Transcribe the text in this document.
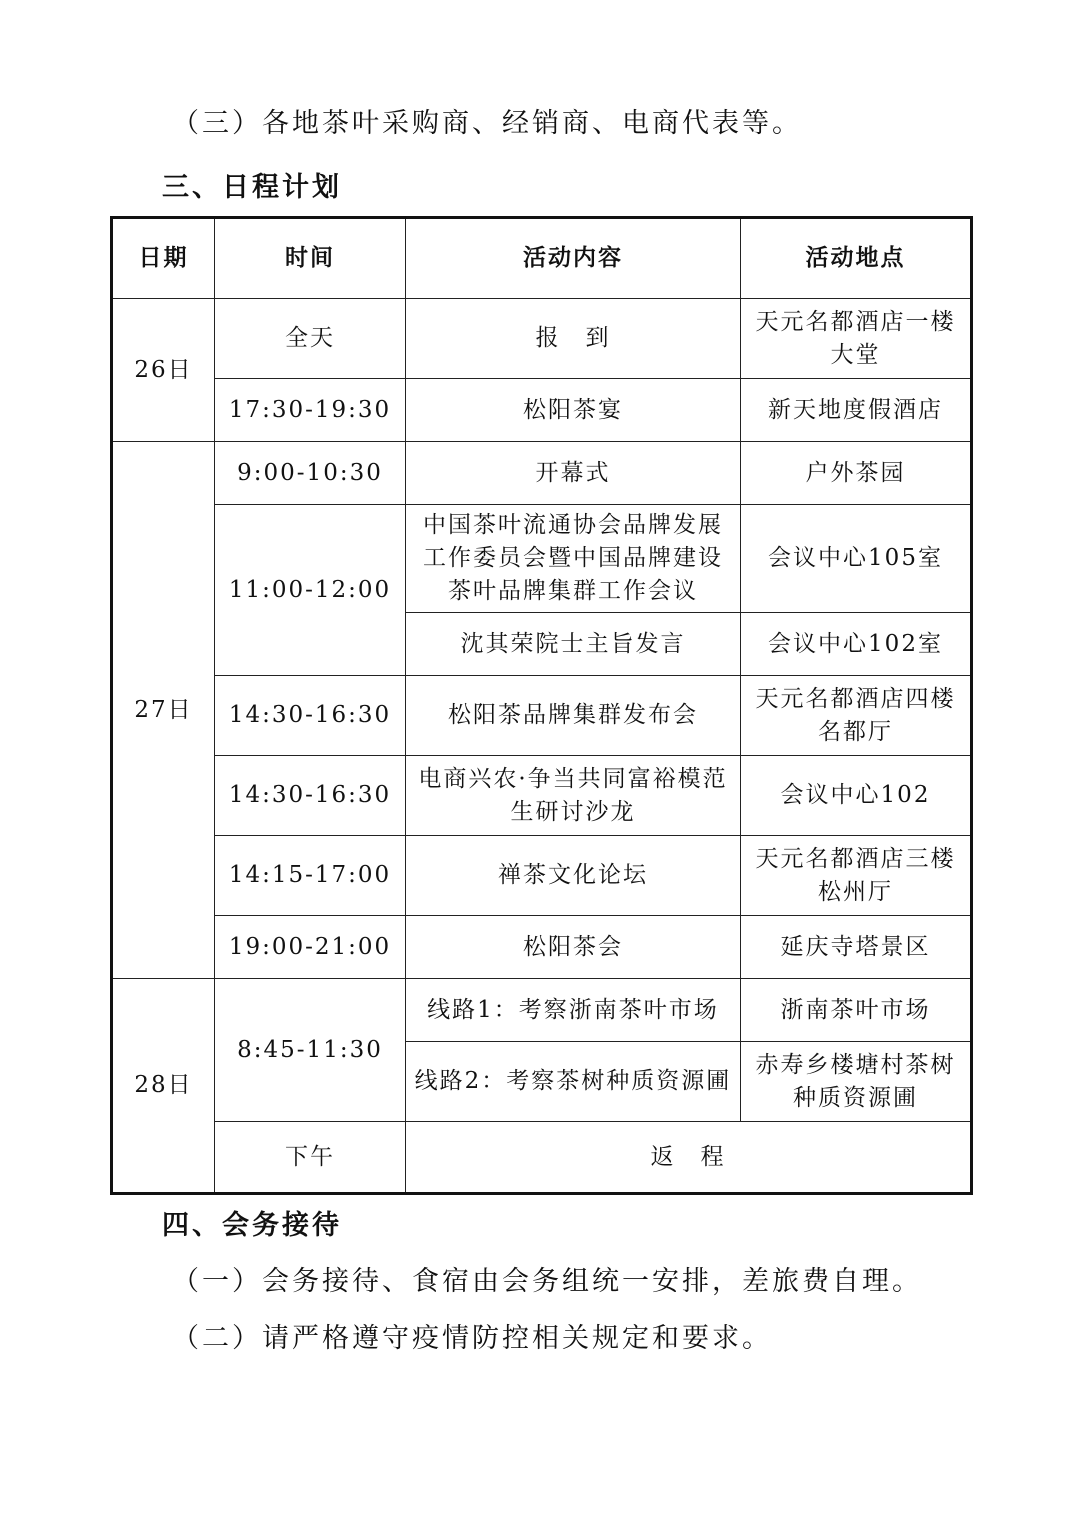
（三）各地茶叶采购商、经销商、电商代表等。
三、日程计划
日期	时间	活动内容	活动地点
26日	全天	报　到	天元名都酒店一楼大堂
	17:30-19:30	松阳茶宴	新天地度假酒店
27日	9:00-10:30	开幕式	户外茶园
	11:00-12:00	中国茶叶流通协会品牌发展工作委员会暨中国品牌建设茶叶品牌集群工作会议	会议中心105室
		沈其荣院士主旨发言	会议中心102室
	14:30-16:30	松阳茶品牌集群发布会	天元名都酒店四楼名都厅
	14:30-16:30	电商兴农·争当共同富裕模范生研讨沙龙	会议中心102
	14:15-17:00	禅茶文化论坛	天元名都酒店三楼松州厅
	19:00-21:00	松阳茶会	延庆寺塔景区
28日	8:45-11:30	线路1：考察浙南茶叶市场	浙南茶叶市场
		线路2：考察茶树种质资源圃	赤寿乡楼塘村茶树种质资源圃
	下午	返　程	
四、会务接待
（一）会务接待、食宿由会务组统一安排，差旅费自理。
（二）请严格遵守疫情防控相关规定和要求。
